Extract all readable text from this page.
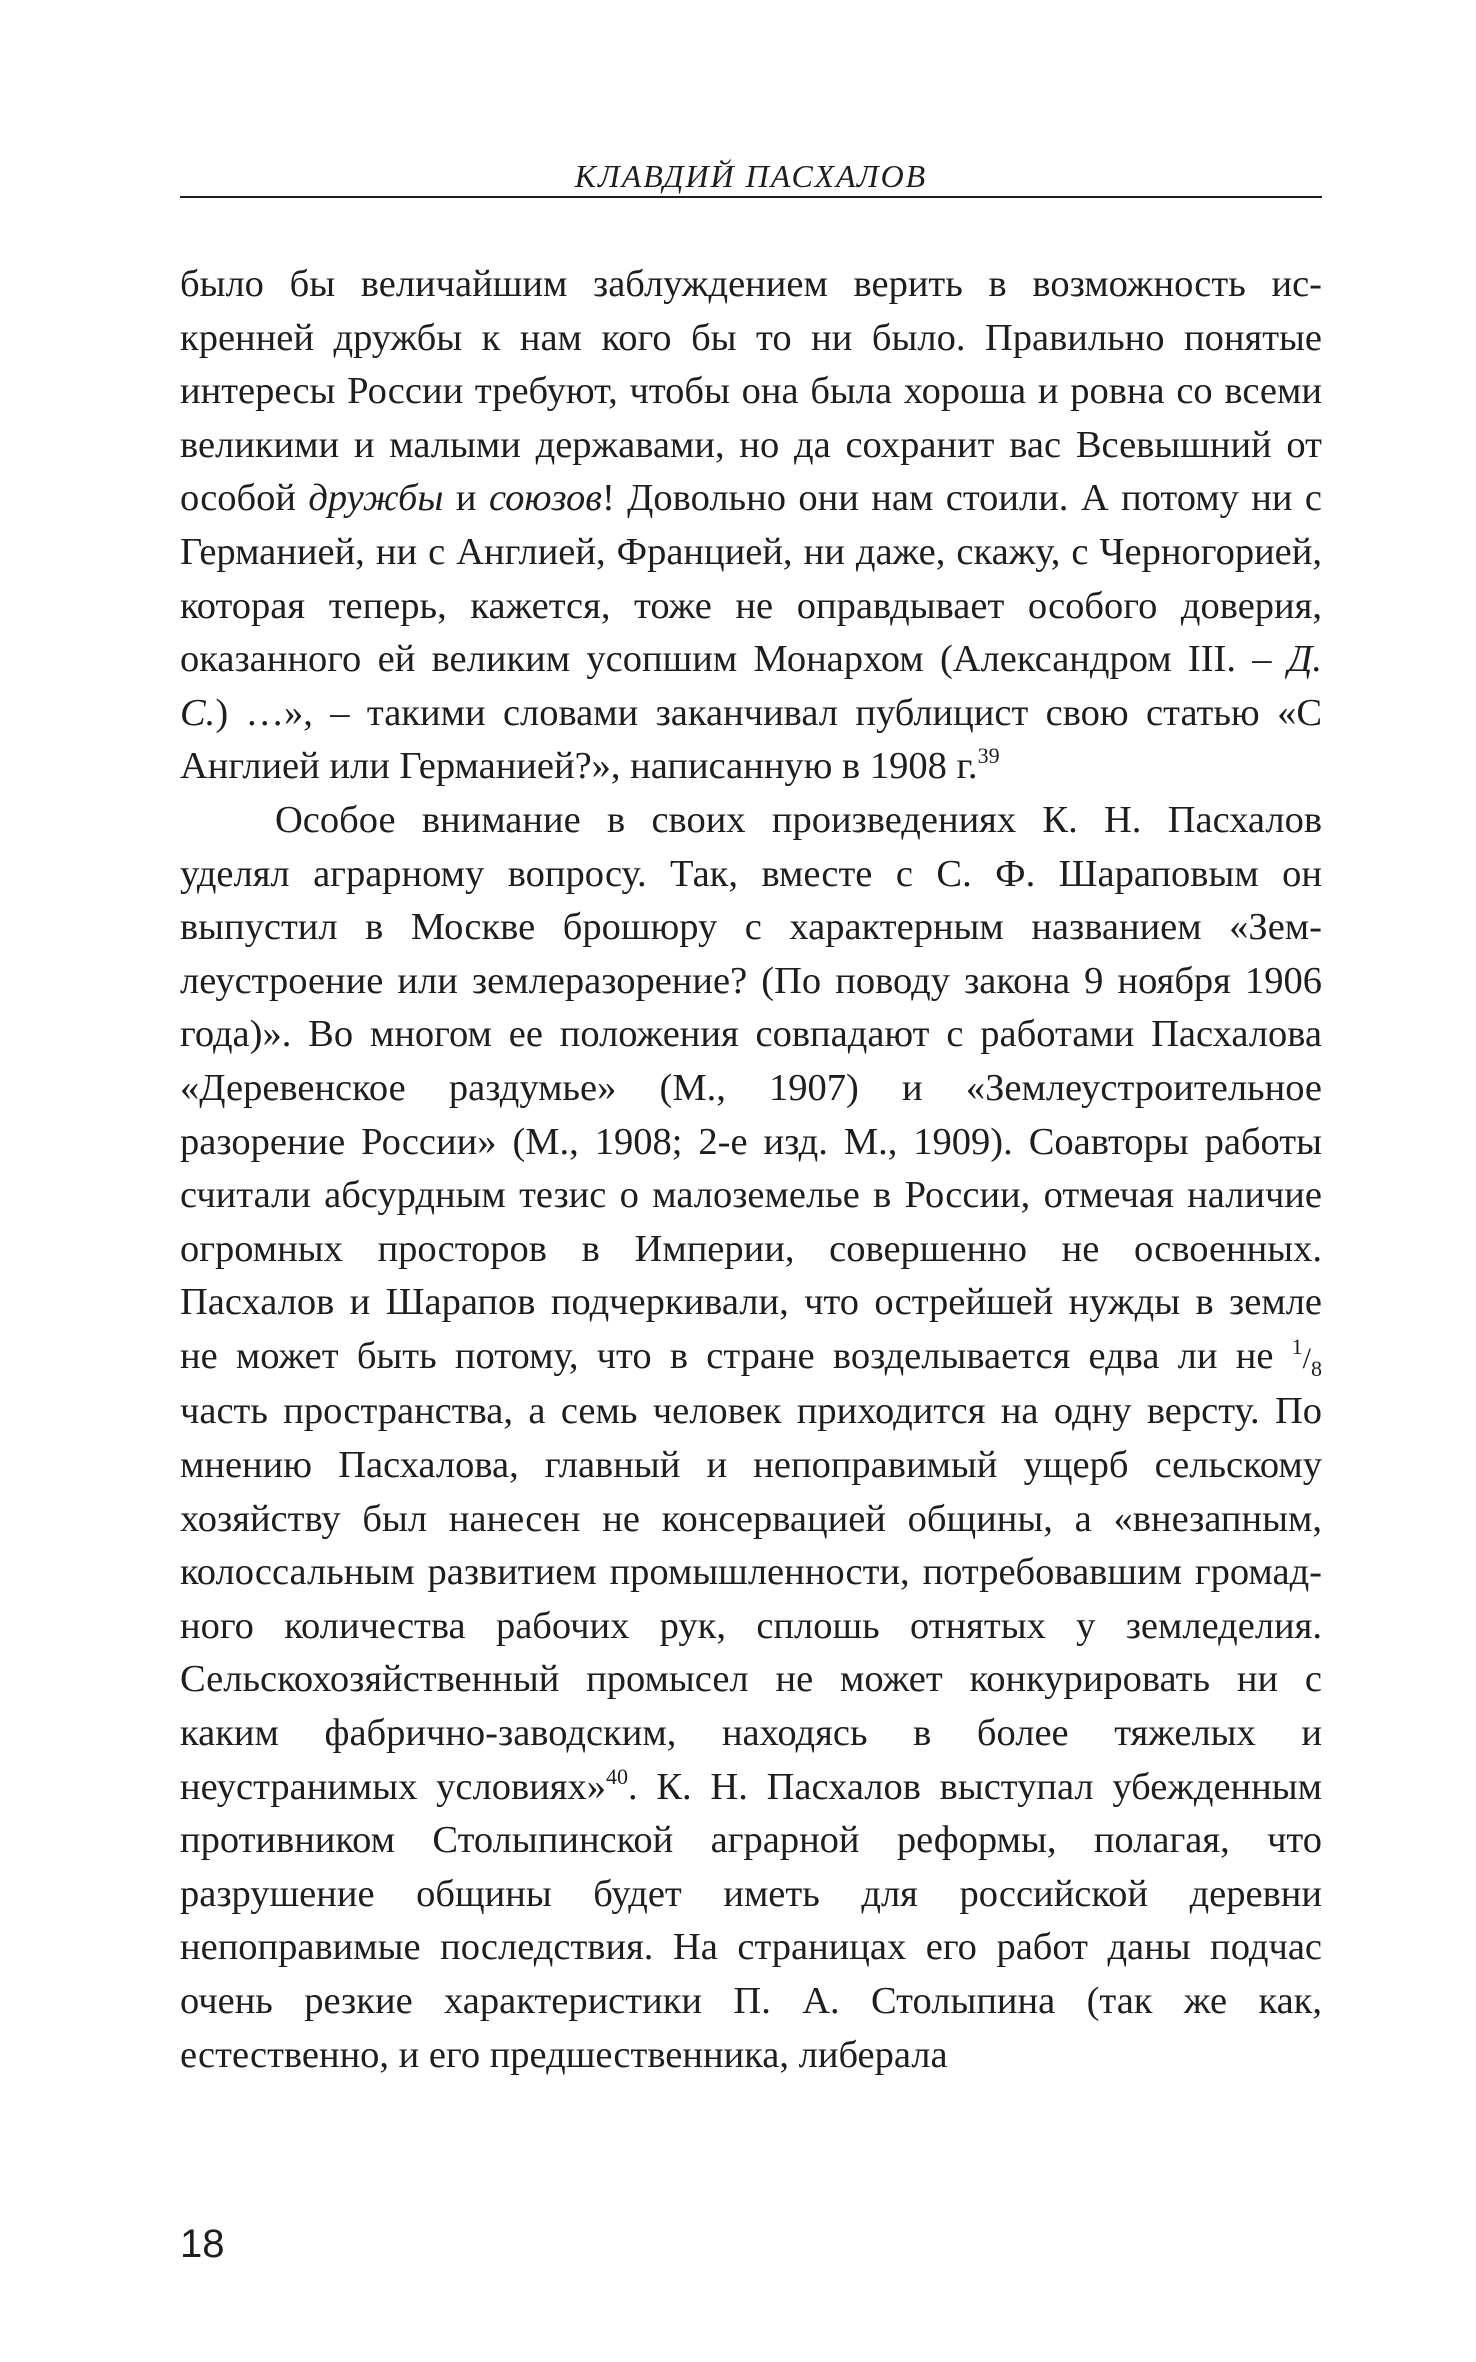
КЛАВДИЙ ПАСХАЛОВ

было бы величайшим заблуждением верить в возможность искренней дружбы к нам кого бы то ни было. Правильно понятые интересы России требуют, чтобы она была хороша и ровна со всеми великими и малыми державами, но да сохранит вас Всевышний от особой дружбы и союзов! Довольно они нам стоили. А потому ни с Германией, ни с Англией, Францией, ни даже, скажу, с Черногорией, которая теперь, кажется, тоже не оправдывает особого доверия, оказанного ей великим усопшим Монархом (Александром III. – Д. С.) …», – такими словами заканчивал публицист свою статью «С Англией или Германией?», написанную в 1908 г.$^{39}$

Особое внимание в своих произведениях К. Н. Пасхалов уделял аграрному вопросу. Так, вместе с С. Ф. Шараповым он выпустил в Москве брошюру с характерным названием «Землеустроение или землеразорение? (По поводу закона 9 ноября 1906 года)». Во многом ее положения совпадают с работами Пасхалова «Деревенское раздумье» (М., 1907) и «Землеустроительное разорение России» (М., 1908; 2-е изд. М., 1909). Соавторы работы считали абсурдным тезис о малоземелье в России, отмечая наличие огромных просторов в Империи, совершенно не освоенных. Пасхалов и Шарапов подчеркивали, что острейшей нужды в земле не может быть потому, что в стране возделывается едва ли не $^1/_8$ часть пространства, а семь человек приходится на одну версту. По мнению Пасхалова, главный и непоправимый ущерб сельскому хозяйству был нанесен не консервацией общины, а «внезапным, колоссальным развитием промышленности, потребовавшим громадного количества рабочих рук, сплошь отнятых у земледелия. Сельскохозяйственный промысел не может конкурировать ни с каким фабрично-заводским, находясь в более тяжелых и неустранимых условиях»$^{40}$. К. Н. Пасхалов выступал убежденным противником Столыпинской аграрной реформы, полагая, что разрушение общины будет иметь для российской деревни непоправимые последствия. На страницах его работ даны подчас очень резкие характеристики П. А. Столыпина (так же как, естественно, и его предшественника, либерала

18
